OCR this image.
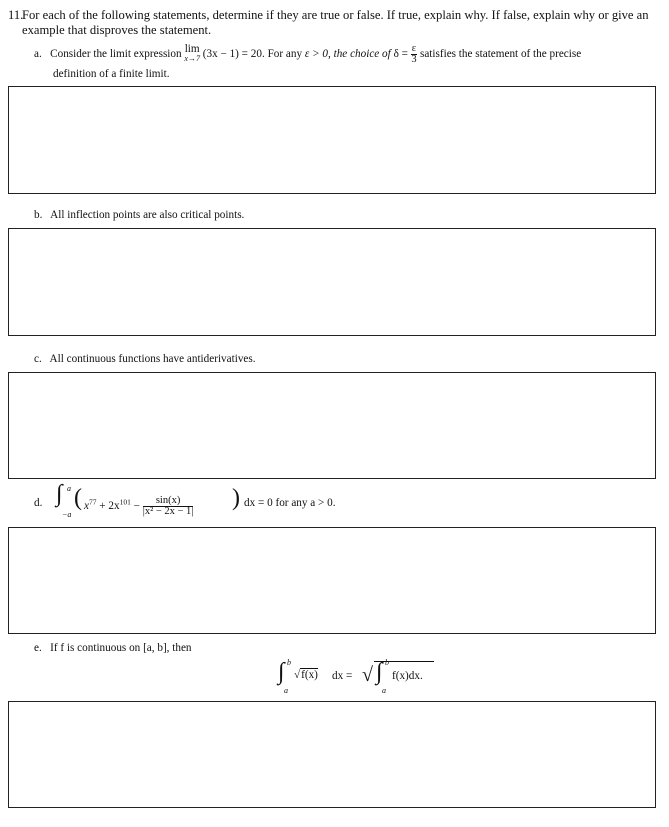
11.
For each of the following statements, determine if they are true or false. If true, explain why. If false, explain why or give an example that disproves the statement.
a. Consider the limit expression lim
x→7 (3x − 1) = 20. For any ε > 0, the choice of $\delta = \frac{\varepsilon}{3}$ satisfies the statement of the precise
definition of a finite limit.
b. All inflection points are also critical points.
c. All continuous functions have antiderivatives.
d. ∫ a
−a
( $x^{77} + 2x^{101} - \frac{\sin(x)}{\text{|x² − 2x − 1|}}$ ) dx = 0 for any a > 0.
e. If f is continuous on [a, b], then
∫ b
a
√f(x) dx = √ ∫ b
a
f(x)dx.
